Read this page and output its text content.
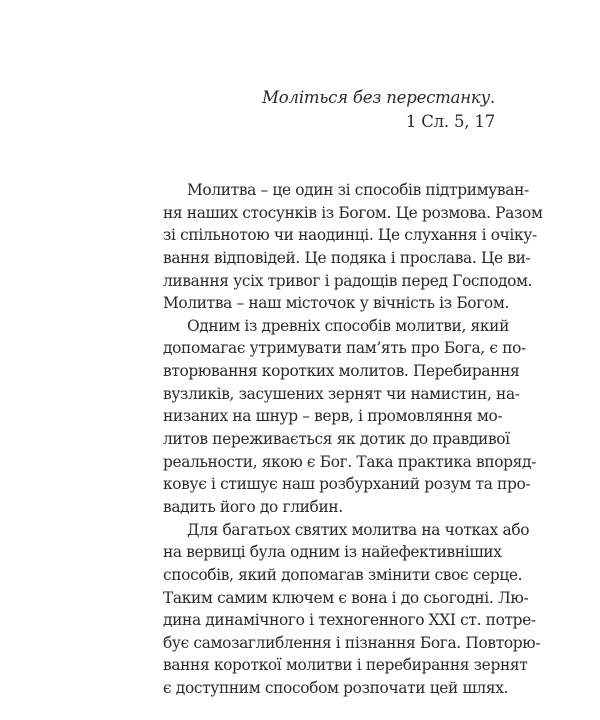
Моліться без перестанку.
1 Сл. 5, 17
Молитва – це один зі способів підтримуван-
ня наших стосунків із Богом. Це розмова. Разом
зі спільнотою чи наодинці. Це слухання і очіку-
вання відповідей. Це подяка і прослава. Це ви-
ливання усіх тривог і радощів перед Господом.
Молитва – наш місточок у вічність із Богом.
Одним із древніх способів молитви, який
допомагає утримувати пам’ять про Бога, є по-
вторювання коротких молитов. Перебирання
вузликів, засушених зернят чи намистин, на-
низаних на шнур – верв, і промовляння мо-
литов переживається як дотик до правдивої
реальности, якою є Бог. Така практика впоряд-
ковує і стишує наш розбурханий розум та про-
вадить його до глибин.
Для багатьох святих молитва на чотках або
на вервиці була одним із найефективніших
способів, який допомагав змінити своє серце.
Таким самим ключем є вона і до сьогодні. Лю-
дина динамічного і техногенного XXI ст. потре-
бує самозаглиблення і пізнання Бога. Повторю-
вання короткої молитви і перебирання зернят
є доступним способом розпочати цей шлях.
